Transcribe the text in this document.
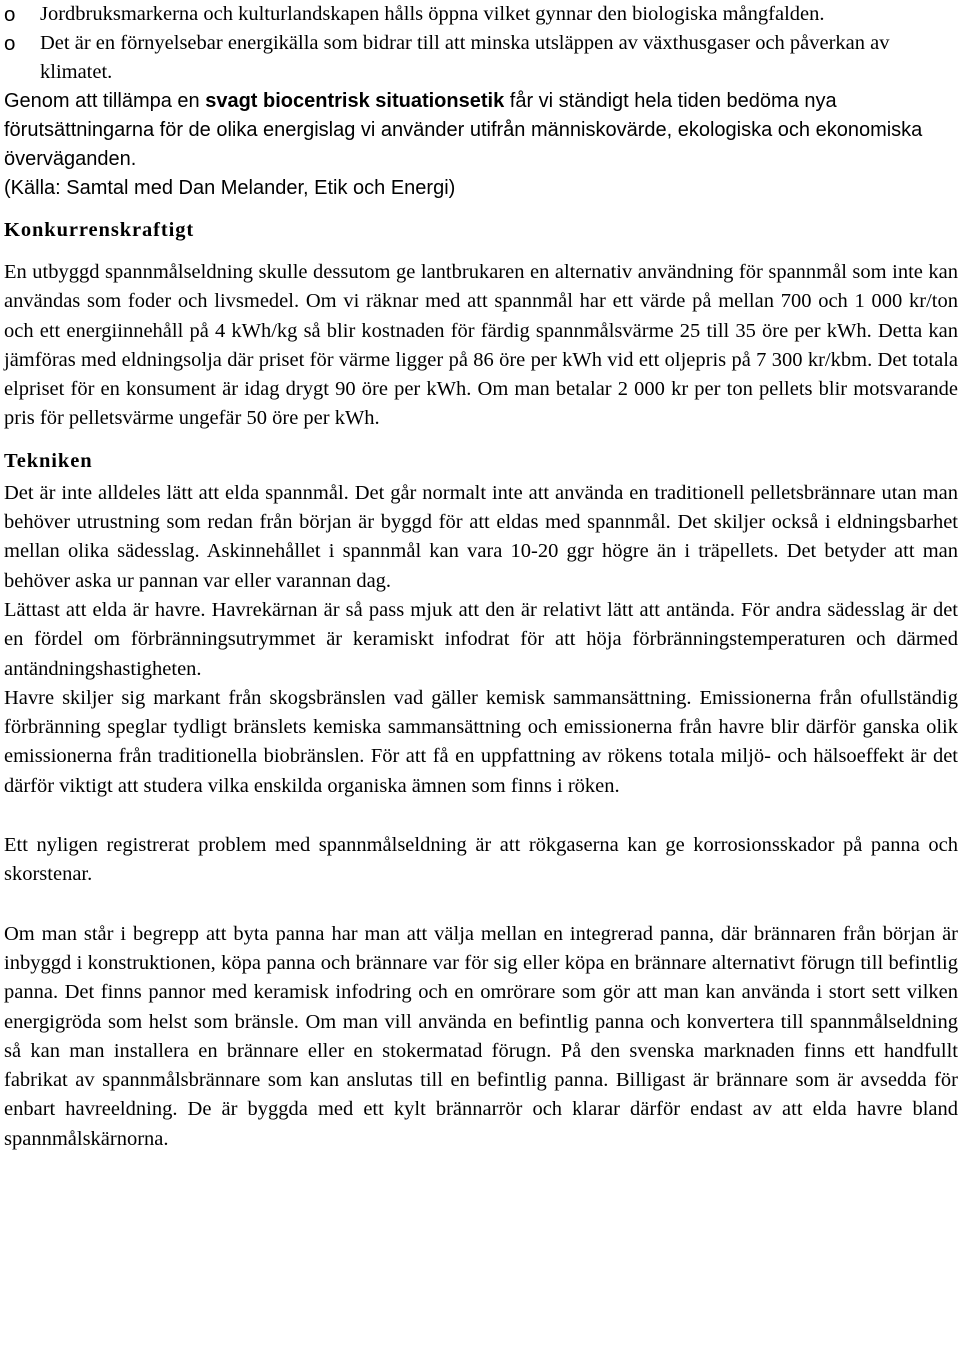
o Jordbruksmarkerna och kulturlandskapen hålls öppna vilket gynnar den biologiska mångfalden.
o Det är en förnyelsebar energikälla som bidrar till att minska utsläppen av växthusgaser och påverkan av klimatet.

Genom att tillämpa en svagt biocentrisk situationsetik får vi ständigt hela tiden bedöma nya förutsättningarna för de olika energislag vi använder utifrån människovärde, ekologiska och ekonomiska överväganden.

(Källa: Samtal med Dan Melander, Etik och Energi)

Konkurrenskraftigt

En utbyggd spannmålseldning skulle dessutom ge lantbrukaren en alternativ användning för spannmål som inte kan användas som foder och livsmedel. Om vi räknar med att spannmål har ett värde på mellan 700 och 1 000 kr/ton och ett energiinnehåll på 4 kWh/kg så blir kostnaden för färdig spannmålsvärme 25 till 35 öre per kWh. Detta kan jämföras med eldningsolja där priset för värme ligger på 86 öre per kWh vid ett oljepris på 7 300 kr/kbm. Det totala elpriset för en konsument är idag drygt 90 öre per kWh. Om man betalar 2 000 kr per ton pellets blir motsvarande pris för pelletsvärme ungefär 50 öre per kWh.

Tekniken

Det är inte alldeles lätt att elda spannmål. Det går normalt inte att använda en traditionell pelletsbrännare utan man behöver utrustning som redan från början är byggd för att eldas med spannmål. Det skiljer också i eldningsbarhet mellan olika sädesslag. Askinnehållet i spannmål kan vara 10-20 ggr högre än i träpellets. Det betyder att man behöver aska ur pannan var eller varannan dag.

Lättast att elda är havre. Havrekärnan är så pass mjuk att den är relativt lätt att antända. För andra sädesslag är det en fördel om förbränningsutrymmet är keramiskt infodrat för att höja förbränningstemperaturen och därmed antändningshastigheten.

Havre skiljer sig markant från skogsbränslen vad gäller kemisk sammansättning. Emissionerna från ofullständig förbränning speglar tydligt bränslets kemiska sammansättning och emissionerna från havre blir därför ganska olik emissionerna från traditionella biobränslen. För att få en uppfattning av rökens totala miljö- och hälsoeffekt är det därför viktigt att studera vilka enskilda organiska ämnen som finns i röken.

Ett nyligen registrerat problem med spannmålseldning är att rökgaserna kan ge korrosionsskador på panna och skorstenar.

Om man står i begrepp att byta panna har man att välja mellan en integrerad panna, där brännaren från början är inbyggd i konstruktionen, köpa panna och brännare var för sig eller köpa en brännare alternativt förugn till befintlig panna. Det finns pannor med keramisk infodring och en omrörare som gör att man kan använda i stort sett vilken energigröda som helst som bränsle. Om man vill använda en befintlig panna och konvertera till spannmålseldning så kan man installera en brännare eller en stokermatad förugn. På den svenska marknaden finns ett handfullt fabrikat av spannmålsbrännare som kan anslutas till en befintlig panna. Billigast är brännare som är avsedda för enbart havreeldning. De är byggda med ett kylt brännarrör och klarar därför endast av att elda havre bland spannmålskärnorna.
